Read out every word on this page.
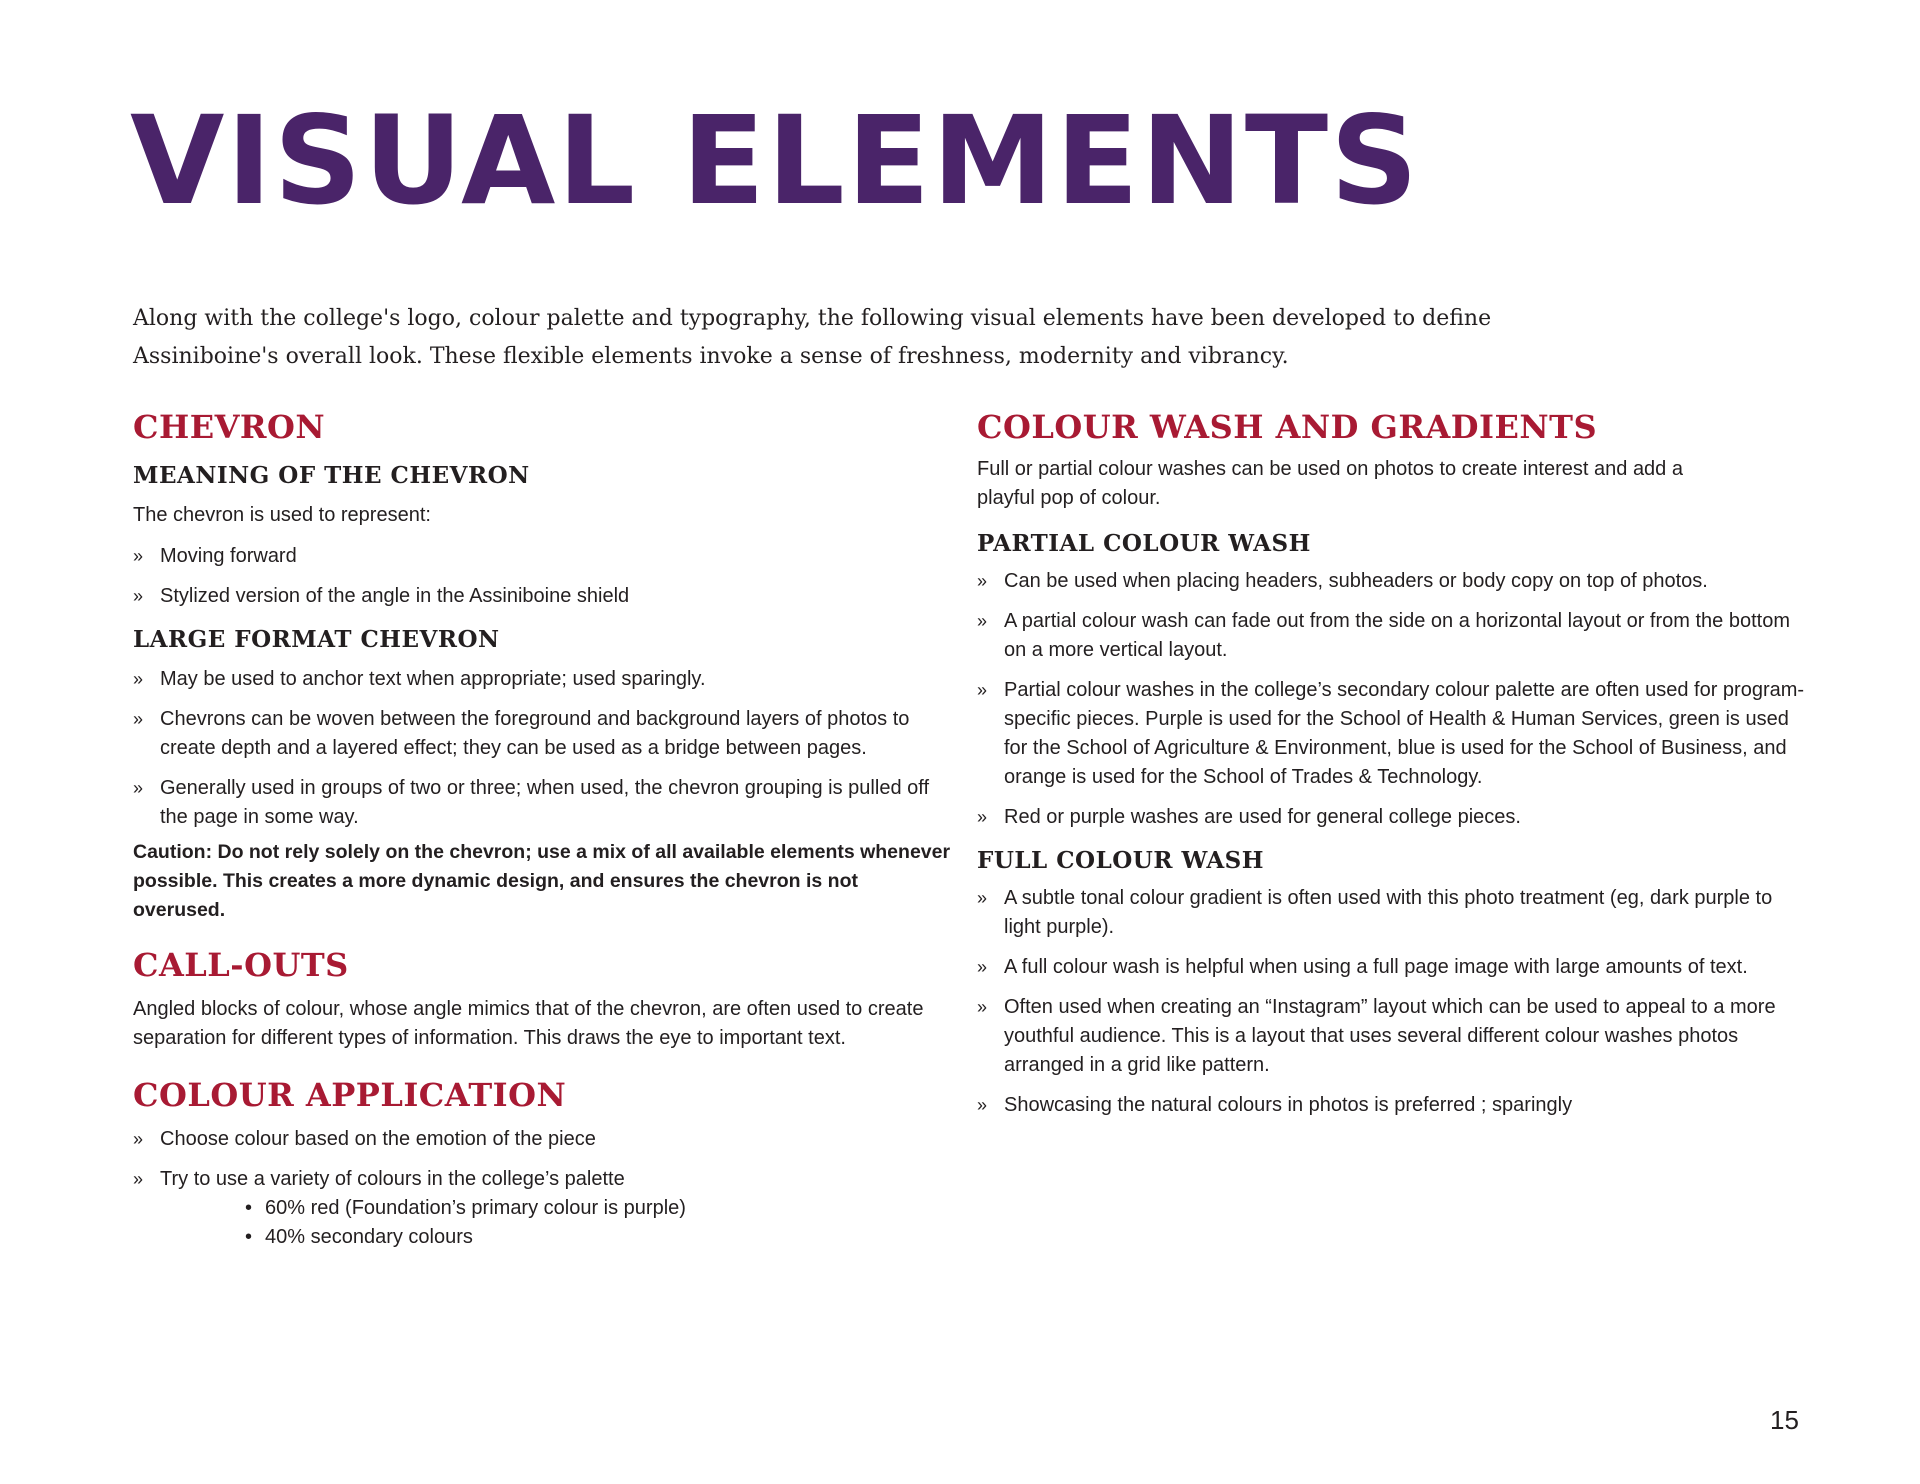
VISUAL ELEMENTS

Along with the college's logo, colour palette and typography, the following visual elements have been developed to define Assiniboine's overall look. These flexible elements invoke a sense of freshness, modernity and vibrancy.

CHEVRON
MEANING OF THE CHEVRON

The chevron is used to represent:

» Moving forward
» Stylized version of the angle in the Assiniboine shield
LARGE FORMAT CHEVRON
» May be used to anchor text when appropriate; used sparingly.
» Chevrons can be woven between the foreground and background layers of photos to create depth and a layered effect; they can be used as a bridge between pages.
» Generally used in groups of two or three; when used, the chevron grouping is pulled off the page in some way.

Caution: Do not rely solely on the chevron; use a mix of all available elements whenever possible. This creates a more dynamic design, and ensures the chevron is not overused.

CALL-OUTS

Angled blocks of colour, whose angle mimics that of the chevron, are often used to create separation for different types of information. This draws the eye to important text.

COLOUR APPLICATION
» Choose colour based on the emotion of the piece
» Try to use a variety of colours in the college’s palette
• 60% red (Foundation’s primary colour is purple)
• 40% secondary colours
COLOUR WASH AND GRADIENTS

Full or partial colour washes can be used on photos to create interest and add a playful pop of colour.

PARTIAL COLOUR WASH
» Can be used when placing headers, subheaders or body copy on top of photos.
» A partial colour wash can fade out from the side on a horizontal layout or from the bottom on a more vertical layout.
» Partial colour washes in the college’s secondary colour palette are often used for program-specific pieces. Purple is used for the School of Health & Human Services, green is used for the School of Agriculture & Environment, blue is used for the School of Business, and orange is used for the School of Trades & Technology.
» Red or purple washes are used for general college pieces.
FULL COLOUR WASH
» A subtle tonal colour gradient is often used with this photo treatment (eg, dark purple to light purple).
» A full colour wash is helpful when using a full page image with large amounts of text.
» Often used when creating an “Instagram” layout which can be used to appeal to a more youthful audience. This is a layout that uses several different colour washes photos arranged in a grid like pattern.
» Showcasing the natural colours in photos is preferred ; sparingly
15
